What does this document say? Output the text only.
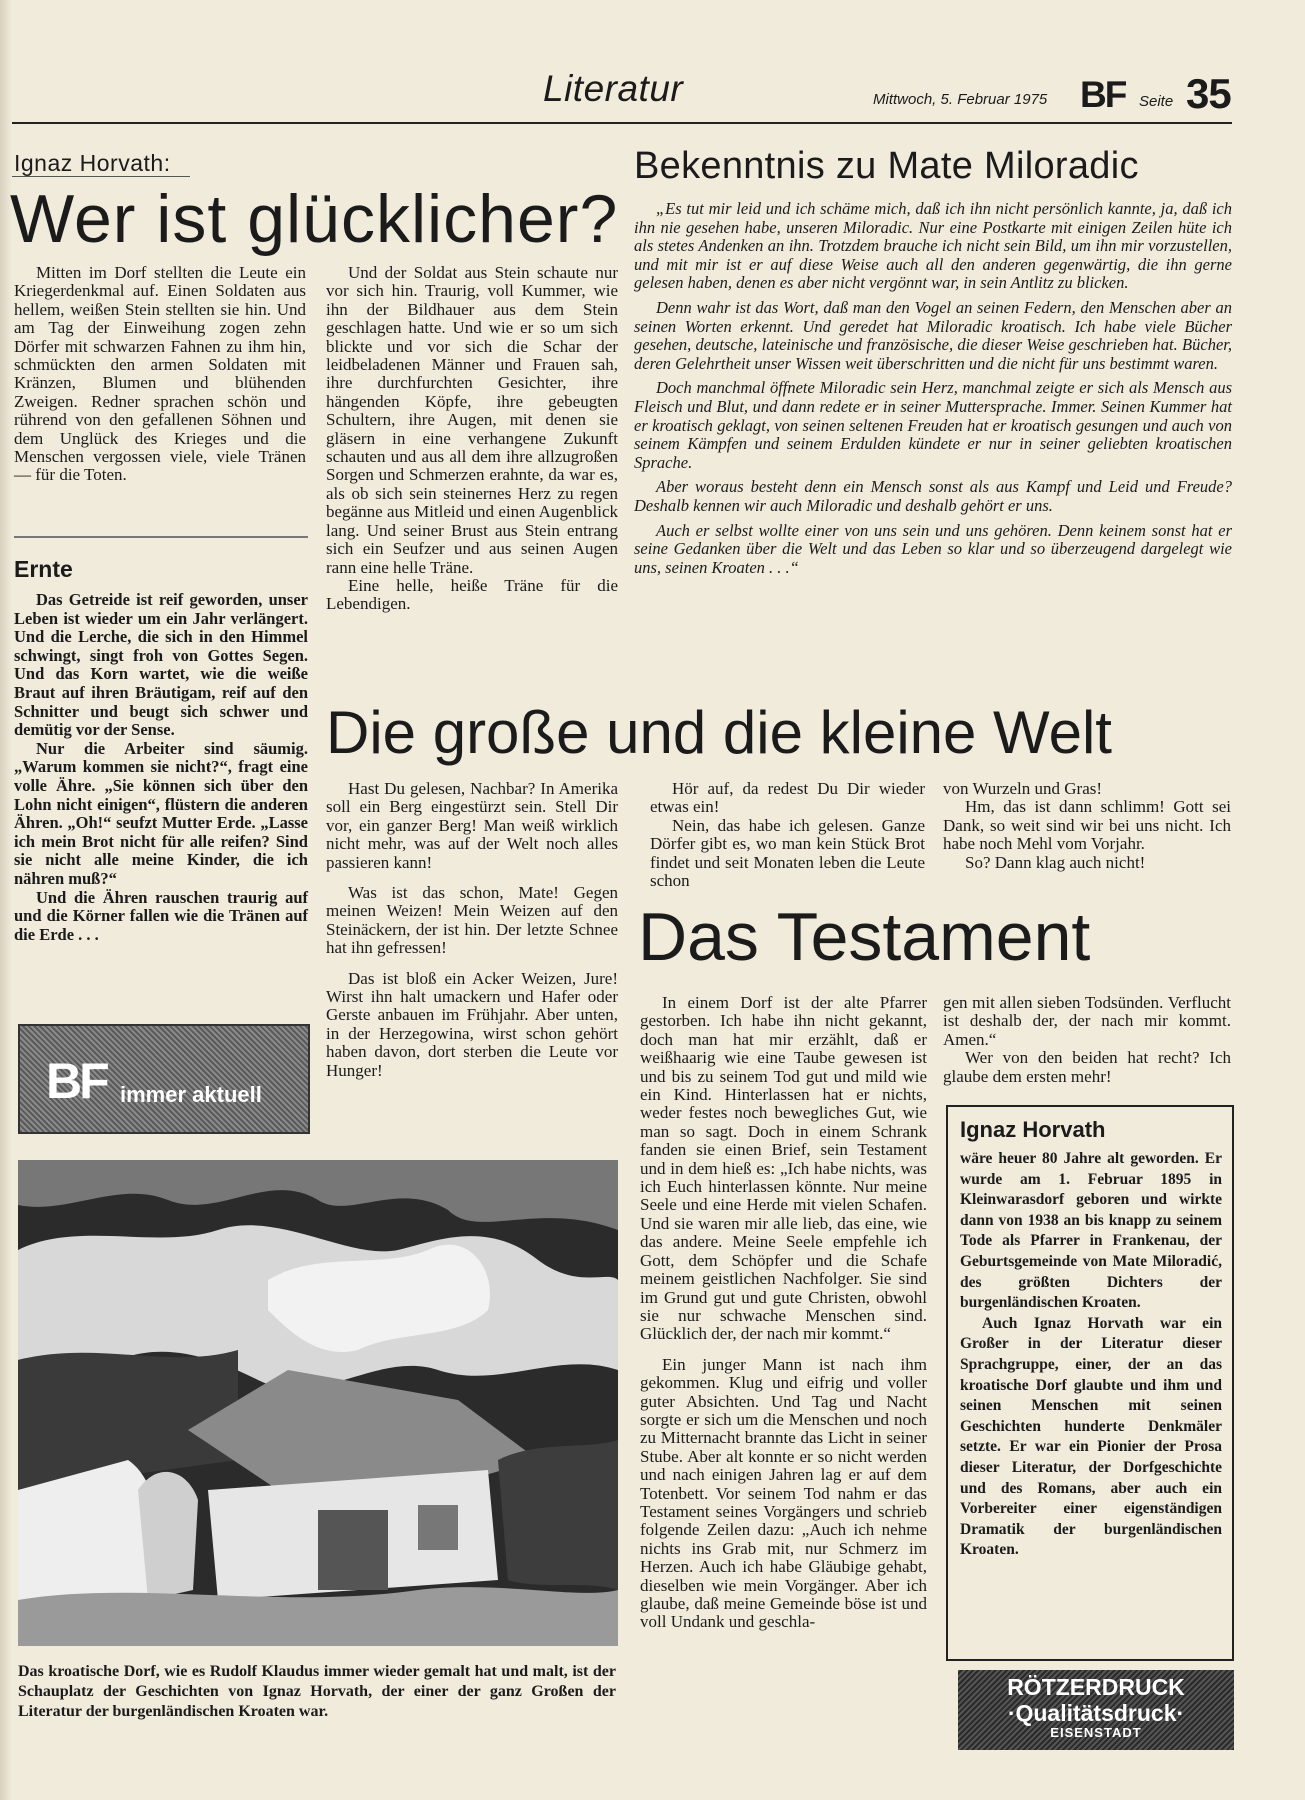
Literatur	Mittwoch, 5. Februar 1975 BF Seite 35
Ignaz Horvath:
Wer ist glücklicher?

Mitten im Dorf stellten die Leute ein Kriegerdenkmal auf. Einen Soldaten aus hellem, weißen Stein stellten sie hin. Und am Tag der Einweihung zogen zehn Dörfer mit schwarzen Fahnen zu ihm hin, schmückten den armen Soldaten mit Kränzen, Blumen und blühenden Zweigen. Redner sprachen schön und rührend von den gefallenen Söhnen und dem Unglück des Krieges und die Menschen vergossen viele, viele Tränen — für die Toten.

Und der Soldat aus Stein schaute nur vor sich hin. Traurig, voll Kummer, wie ihn der Bildhauer aus dem Stein geschlagen hatte. Und wie er so um sich blickte und vor sich die Schar der leidbeladenen Männer und Frauen sah, ihre durchfurchten Gesichter, ihre hängenden Köpfe, ihre gebeugten Schultern, ihre Augen, mit denen sie gläsern in eine verhangene Zukunft schauten und aus all dem ihre allzugroßen Sorgen und Schmerzen erahnte, da war es, als ob sich sein steinernes Herz zu regen begänne aus Mitleid und einen Augenblick lang. Und seiner Brust aus Stein entrang sich ein Seufzer und aus seinen Augen rann eine helle Träne.

Eine helle, heiße Träne für die Lebendigen.

Ernte

Das Getreide ist reif geworden, unser Leben ist wieder um ein Jahr verlängert. Und die Lerche, die sich in den Himmel schwingt, singt froh von Gottes Segen. Und das Korn wartet, wie die weiße Braut auf ihren Bräutigam, reif auf den Schnitter und beugt sich schwer und demütig vor der Sense.

Nur die Arbeiter sind säumig. „Warum kommen sie nicht?“, fragt eine volle Ähre. „Sie können sich über den Lohn nicht einigen“, flüstern die anderen Ähren. „Oh!“ seufzt Mutter Erde. „Lasse ich mein Brot nicht für alle reifen? Sind sie nicht alle meine Kinder, die ich nähren muß?“

Und die Ähren rauschen traurig auf und die Körner fallen wie die Tränen auf die Erde . . .

BF immer aktuell

Das kroatische Dorf, wie es Rudolf Klaudus immer wieder gemalt hat und malt, ist der Schauplatz der Geschichten von Ignaz Horvath, der einer der ganz Großen der Literatur der burgenländischen Kroaten war.

Bekenntnis zu Mate Miloradic

„Es tut mir leid und ich schäme mich, daß ich ihn nicht persönlich kannte, ja, daß ich ihn nie gesehen habe, unseren Miloradic. Nur eine Postkarte mit einigen Zeilen hüte ich als stetes Andenken an ihn. Trotzdem brauche ich nicht sein Bild, um ihn mir vorzustellen, und mit mir ist er auf diese Weise auch all den anderen gegenwärtig, die ihn gerne gelesen haben, denen es aber nicht vergönnt war, in sein Antlitz zu blicken.

Denn wahr ist das Wort, daß man den Vogel an seinen Federn, den Menschen aber an seinen Worten erkennt. Und geredet hat Miloradic kroatisch. Ich habe viele Bücher gesehen, deutsche, lateinische und französische, die dieser Weise geschrieben hat. Bücher, deren Gelehrtheit unser Wissen weit überschritten und die nicht für uns bestimmt waren.

Doch manchmal öffnete Miloradic sein Herz, manchmal zeigte er sich als Mensch aus Fleisch und Blut, und dann redete er in seiner Muttersprache. Immer. Seinen Kummer hat er kroatisch geklagt, von seinen seltenen Freuden hat er kroatisch gesungen und auch von seinem Kämpfen und seinem Erdulden kündete er nur in seiner geliebten kroatischen Sprache.

Aber woraus besteht denn ein Mensch sonst als aus Kampf und Leid und Freude? Deshalb kennen wir auch Miloradic und deshalb gehört er uns.

Auch er selbst wollte einer von uns sein und uns gehören. Denn keinem sonst hat er seine Gedanken über die Welt und das Leben so klar und so überzeugend dargelegt wie uns, seinen Kroaten . . .“

Die große und die kleine Welt

Hast Du gelesen, Nachbar? In Amerika soll ein Berg eingestürzt sein. Stell Dir vor, ein ganzer Berg! Man weiß wirklich nicht mehr, was auf der Welt noch alles passieren kann!

Was ist das schon, Mate! Gegen meinen Weizen! Mein Weizen auf den Steinäckern, der ist hin. Der letzte Schnee hat ihn gefressen!

Das ist bloß ein Acker Weizen, Jure! Wirst ihn halt umackern und Hafer oder Gerste anbauen im Frühjahr. Aber unten, in der Herzegowina, wirst schon gehört haben davon, dort sterben die Leute vor Hunger!

Hör auf, da redest Du Dir wieder etwas ein!

Nein, das habe ich gelesen. Ganze Dörfer gibt es, wo man kein Stück Brot findet und seit Monaten leben die Leute schon

von Wurzeln und Gras!

Hm, das ist dann schlimm! Gott sei Dank, so weit sind wir bei uns nicht. Ich habe noch Mehl vom Vorjahr.

So? Dann klag auch nicht!

Das Testament

In einem Dorf ist der alte Pfarrer gestorben. Ich habe ihn nicht gekannt, doch man hat mir erzählt, daß er weißhaarig wie eine Taube gewesen ist und bis zu seinem Tod gut und mild wie ein Kind. Hinterlassen hat er nichts, weder festes noch bewegliches Gut, wie man so sagt. Doch in einem Schrank fanden sie einen Brief, sein Testament und in dem hieß es: „Ich habe nichts, was ich Euch hinterlassen könnte. Nur meine Seele und eine Herde mit vielen Schafen. Und sie waren mir alle lieb, das eine, wie das andere. Meine Seele empfehle ich Gott, dem Schöpfer und die Schafe meinem geistlichen Nachfolger. Sie sind im Grund gut und gute Christen, obwohl sie nur schwache Menschen sind. Glücklich der, der nach mir kommt.“

Ein junger Mann ist nach ihm gekommen. Klug und eifrig und voller guter Absichten. Und Tag und Nacht sorgte er sich um die Menschen und noch zu Mitternacht brannte das Licht in seiner Stube. Aber alt konnte er so nicht werden und nach einigen Jahren lag er auf dem Totenbett. Vor seinem Tod nahm er das Testament seines Vorgängers und schrieb folgende Zeilen dazu: „Auch ich nehme nichts ins Grab mit, nur Schmerz im Herzen. Auch ich habe Gläubige gehabt, dieselben wie mein Vorgänger. Aber ich glaube, daß meine Gemeinde böse ist und voll Undank und geschla-

gen mit allen sieben Todsünden. Verflucht ist deshalb der, der nach mir kommt. Amen.“

Wer von den beiden hat recht? Ich glaube dem ersten mehr!

Ignaz Horvath

wäre heuer 80 Jahre alt geworden. Er wurde am 1. Februar 1895 in Kleinwarasdorf geboren und wirkte dann von 1938 an bis knapp zu seinem Tode als Pfarrer in Frankenau, der Geburtsgemeinde von Mate Miloradić, des größten Dichters der burgenländischen Kroaten.

Auch Ignaz Horvath war ein Großer in der Literatur dieser Sprachgruppe, einer, der an das kroatische Dorf glaubte und ihm und seinen Menschen mit seinen Geschichten hunderte Denkmäler setzte. Er war ein Pionier der Prosa dieser Literatur, der Dorfgeschichte und des Romans, aber auch ein Vorbereiter einer eigenständigen Dramatik der burgenländischen Kroaten.

RÖTZERDRUCK
·Qualitätsdruck·
EISENSTADT
